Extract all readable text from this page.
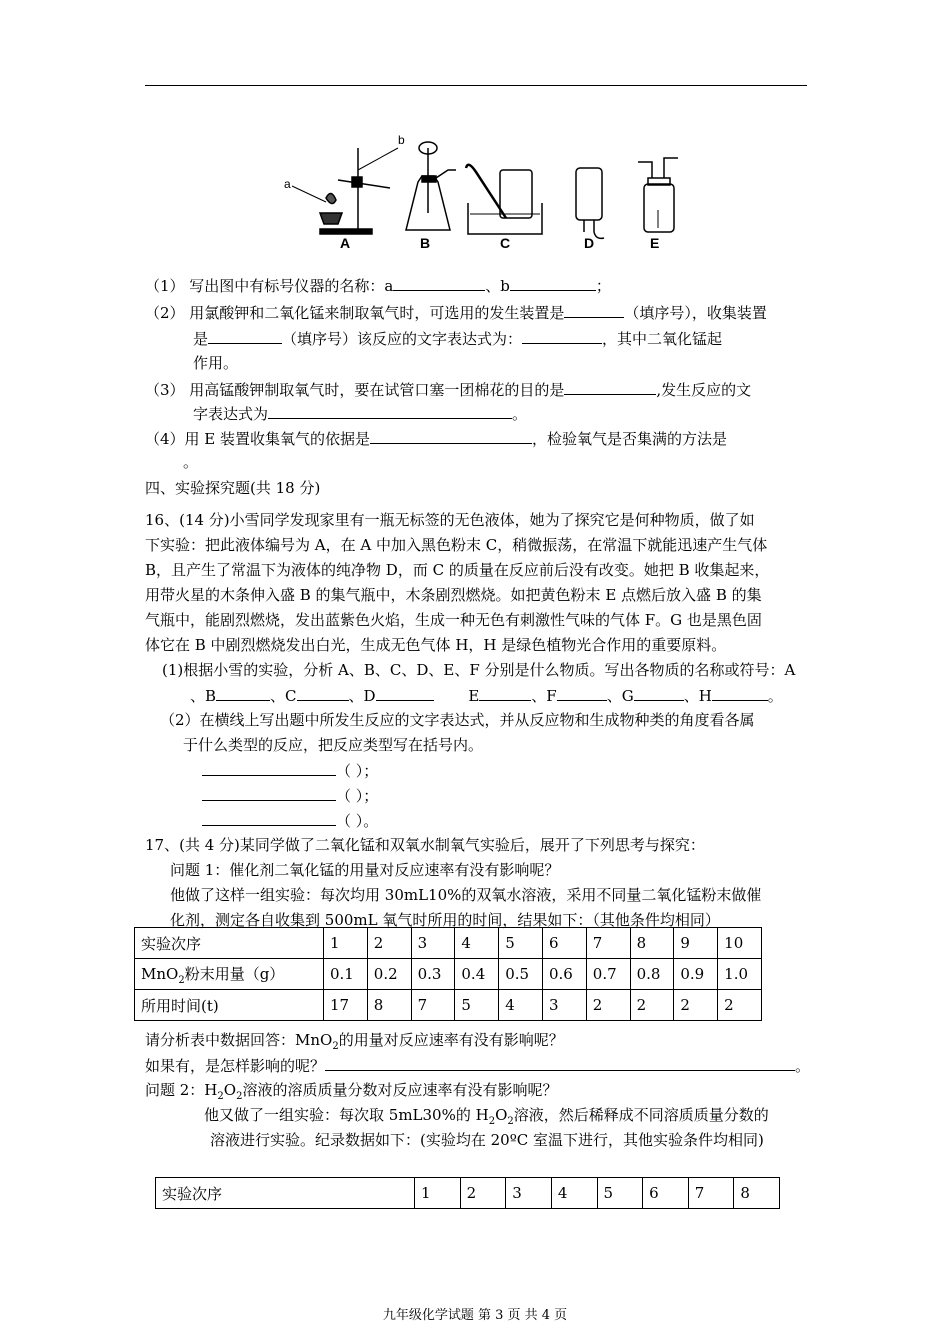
a
b
A	B	C	D	E
（1） 写出图中有标号仪器的名称：a	、b	；
（2） 用氯酸钾和二氧化锰来制取氧气时，可选用的发生装置是	（填序号），收集装置
是	（填序号）该反应的文字表达式为：	，其中二氧化锰起
作用。
（3） 用高锰酸钾制取氧气时，要在试管口塞一团棉花的目的是	,发生反应的文
字表达式为	。
（4）用 E 装置收集氧气的依据是	，检验氧气是否集满的方法是
。
四、实验探究题(共 18 分)
16、(14 分)小雪同学发现家里有一瓶无标签的无色液体，她为了探究它是何种物质，做了如
下实验：把此液体编号为 A，在 A 中加入黑色粉末 C，稍微振荡，在常温下就能迅速产生气体
B，且产生了常温下为液体的纯净物 D，而 C 的质量在反应前后没有改变。她把 B 收集起来，
用带火星的木条伸入盛 B 的集气瓶中，木条剧烈燃烧。如把黄色粉末 E 点燃后放入盛 B 的集
气瓶中，能剧烈燃烧，发出蓝紫色火焰，生成一种无色有刺激性气味的气体 F。G 也是黑色固
体它在 B 中剧烈燃烧发出白光，生成无色气体 H，H 是绿色植物光合作用的重要原料。
(1)根据小雪的实验，分析 A、B、C、D、E、F 分别是什么物质。写出各物质的名称或符号：A
、B	、C	、D	E	、F	、G	、H	。
（2）在横线上写出题中所发生反应的文字表达式，并从反应物和生成物种类的角度看各属
于什么类型的反应，把反应类型写在括号内。
（ ）；
（ ）；
（ ）。
17、(共 4 分)某同学做了二氧化锰和双氧水制氧气实验后，展开了下列思考与探究：
问题 1：催化剂二氧化锰的用量对反应速率有没有影响呢？
他做了这样一组实验：每次均用 30mL10%的双氧水溶液，采用不同量二氧化锰粉末做催
化剂，测定各自收集到 500mL 氧气时所用的时间，结果如下：（其他条件均相同）
实验次序	1	2	3	4	5	6	7	8	9	10
MnO$_2$粉末用量（g）	0.1	0.2	0.3	0.4	0.5	0.6	0.7	0.8	0.9	1.0
所用时间(t)	17	8	7	5	4	3	2	2	2	2
请分析表中数据回答：MnO$_2$的用量对反应速率有没有影响呢？
如果有，是怎样影响的呢？	。
问题 2：$H_2O_2$溶液的溶质质量分数对反应速率有没有影响呢？
他又做了一组实验：每次取 5mL30%的 $H_2O_2$溶液，然后稀释成不同溶质质量分数的
溶液进行实验。纪录数据如下：(实验均在 20ºC 室温下进行，其他实验条件均相同)
实验次序	1	2	3	4	5	6	7	8
九年级化学试题 第 3 页 共 4 页
